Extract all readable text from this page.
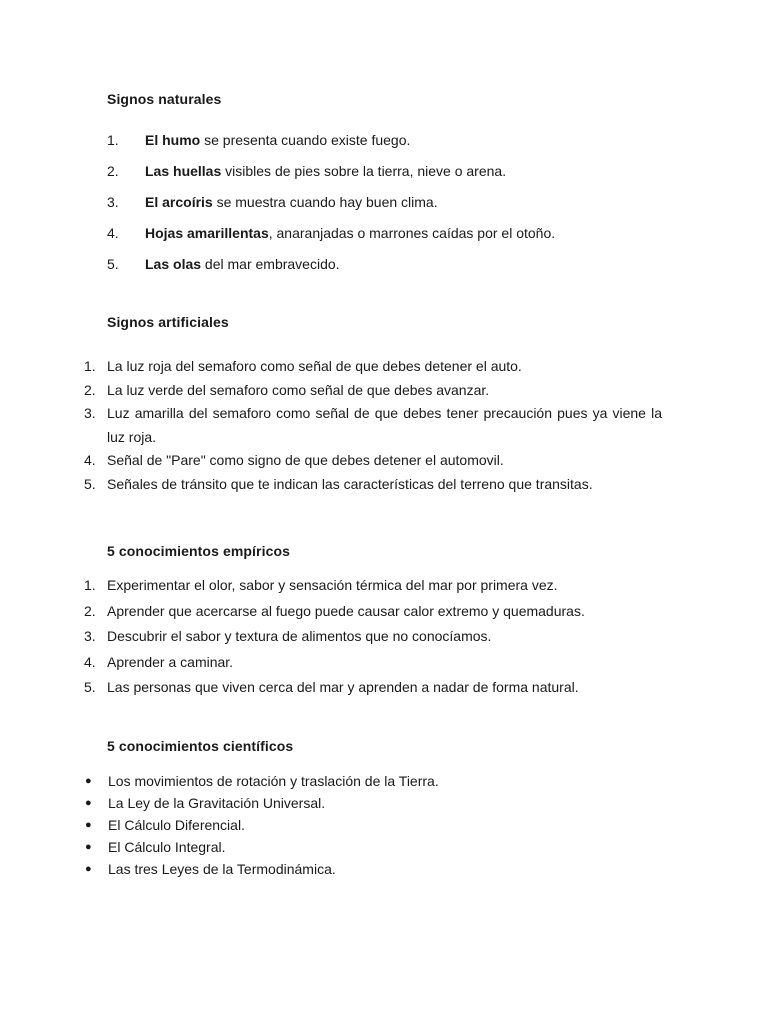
Signos naturales
1.	El humo se presenta cuando existe fuego.
2.	Las huellas visibles de pies sobre la tierra, nieve o arena.
3.	El arcoíris se muestra cuando hay buen clima.
4.	Hojas amarillentas, anaranjadas o marrones caídas por el otoño.
5.	Las olas del mar embravecido.
Signos artificiales
1. La luz roja del semaforo como señal de que debes detener el auto.
2. La luz verde del semaforo como señal de que debes avanzar.
3. Luz amarilla del semaforo como señal de que debes tener precaución pues ya viene la luz roja.
4. Señal de "Pare" como signo de que debes detener el automovil.
5. Señales de tránsito que te indican las características del terreno que transitas.
5 conocimientos empíricos
1. Experimentar el olor, sabor y sensación térmica del mar por primera vez.
2. Aprender que acercarse al fuego puede causar calor extremo y quemaduras.
3. Descubrir el sabor y textura de alimentos que no conocíamos.
4. Aprender a caminar.
5. Las personas que viven cerca del mar y aprenden a nadar de forma natural.
5 conocimientos científicos
●	Los movimientos de rotación y traslación de la Tierra.
●	La Ley de la Gravitación Universal.
●	El Cálculo Diferencial.
●	El Cálculo Integral.
●	Las tres Leyes de la Termodinámica.
